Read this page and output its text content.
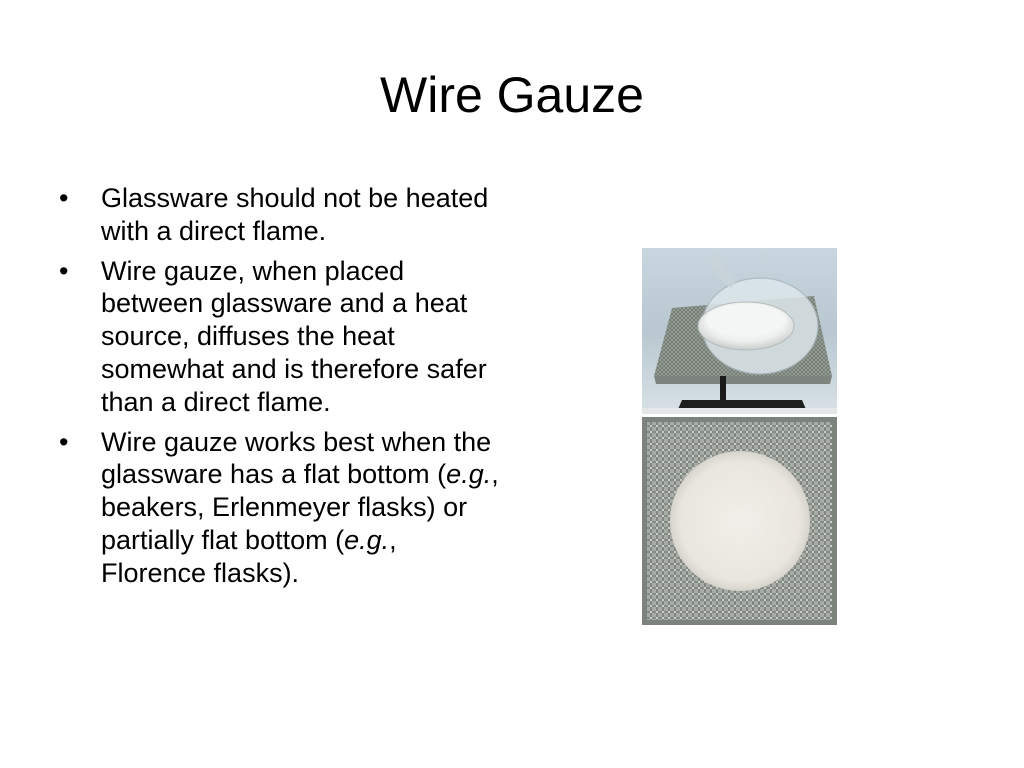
Wire Gauze
• Glassware should not be heated with a direct flame.
• Wire gauze, when placed between glassware and a heat source, diffuses the heat somewhat and is therefore safer than a direct flame.
• Wire gauze works best when the glassware has a flat bottom (e.g., beakers, Erlenmeyer flasks) or partially flat bottom (e.g., Florence flasks).
